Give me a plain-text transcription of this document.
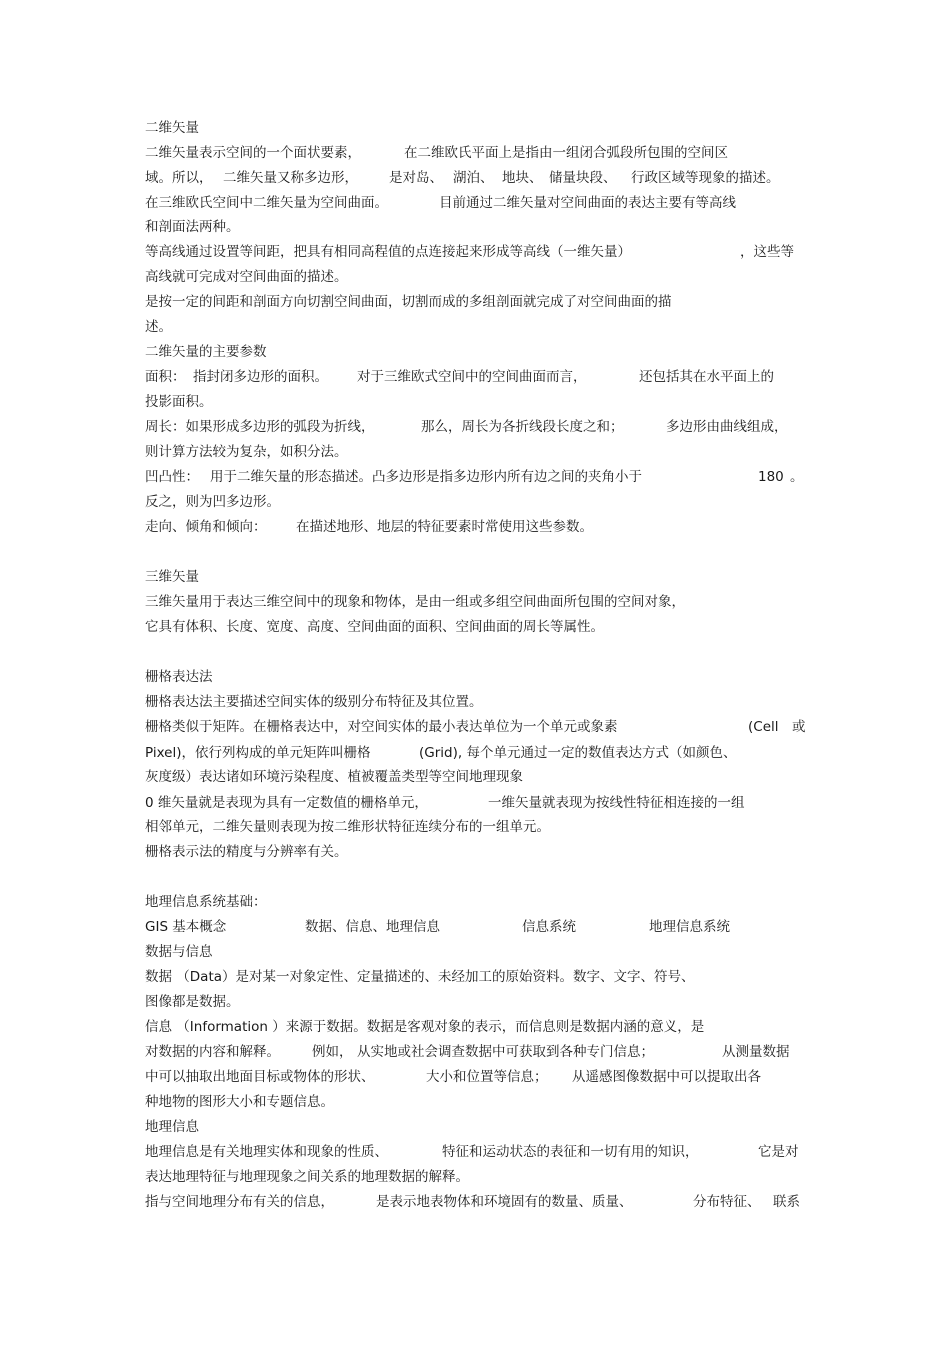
二维矢量
二维矢量表示空间的一个面状要素，	在二维欧氏平面上是指由一组闭合弧段所包围的空间区
域。所以， 二维矢量又称多边形， 是对岛、 湖泊、 地块、 储量块段、 行政区域等现象的描述。
在三维欧氏空间中二维矢量为空间曲面。	目前通过二维矢量对空间曲面的表达主要有等高线
和剖面法两种。
等高线通过设置等间距，把具有相同高程值的点连接起来形成等高线（一维矢量）	，这些等
高线就可完成对空间曲面的描述。
是按一定的间距和剖面方向切割空间曲面，切割而成的多组剖面就完成了对空间曲面的描
述。
二维矢量的主要参数
面积： 指封闭多边形的面积。 对于三维欧式空间中的空间曲面而言，	还包括其在水平面上的
投影面积。
周长：如果形成多边形的弧段为折线，	那么，周长为各折线段长度之和；	多边形由曲线组成，
则计算方法较为复杂，如积分法。
凹凸性： 用于二维矢量的形态描述。凸多边形是指多边形内所有边之间的夹角小于	180 。
反之，则为凹多边形。
走向、倾角和倾向： 在描述地形、地层的特征要素时常使用这些参数。
三维矢量
三维矢量用于表达三维空间中的现象和物体，是由一组或多组空间曲面所包围的空间对象，
它具有体积、长度、宽度、高度、空间曲面的面积、空间曲面的周长等属性。
栅格表达法
栅格表达法主要描述空间实体的级别分布特征及其位置。
栅格类似于矩阵。在栅格表达中，对空间实体的最小表达单位为一个单元或象素	(Cell 或
Pixel)，依行列构成的单元矩阵叫栅格	(Grid), 每个单元通过一定的数值表达方式（如颜色、
灰度级）表达诸如环境污染程度、植被覆盖类型等空间地理现象
0 维矢量就是表现为具有一定数值的栅格单元，	一维矢量就表现为按线性特征相连接的一组
相邻单元，二维矢量则表现为按二维形状特征连续分布的一组单元。
栅格表示法的精度与分辨率有关。
地理信息系统基础：
GIS 基本概念	数据、信息、地理信息	信息系统	地理信息系统
数据与信息
数据 （Data）是对某一对象定性、定量描述的、未经加工的原始资料。数字、文字、符号、
图像都是数据。
信息 （Information ）来源于数据。数据是客观对象的表示，而信息则是数据内涵的意义，是
对数据的内容和解释。 例如， 从实地或社会调查数据中可获取到各种专门信息；	从测量数据
中可以抽取出地面目标或物体的形状、	大小和位置等信息； 从遥感图像数据中可以提取出各
种地物的图形大小和专题信息。
地理信息
地理信息是有关地理实体和现象的性质、	特征和运动状态的表征和一切有用的知识，	它是对
表达地理特征与地理现象之间关系的地理数据的解释。
指与空间地理分布有关的信息，	是表示地表物体和环境固有的数量、质量、	分布特征、 联系
